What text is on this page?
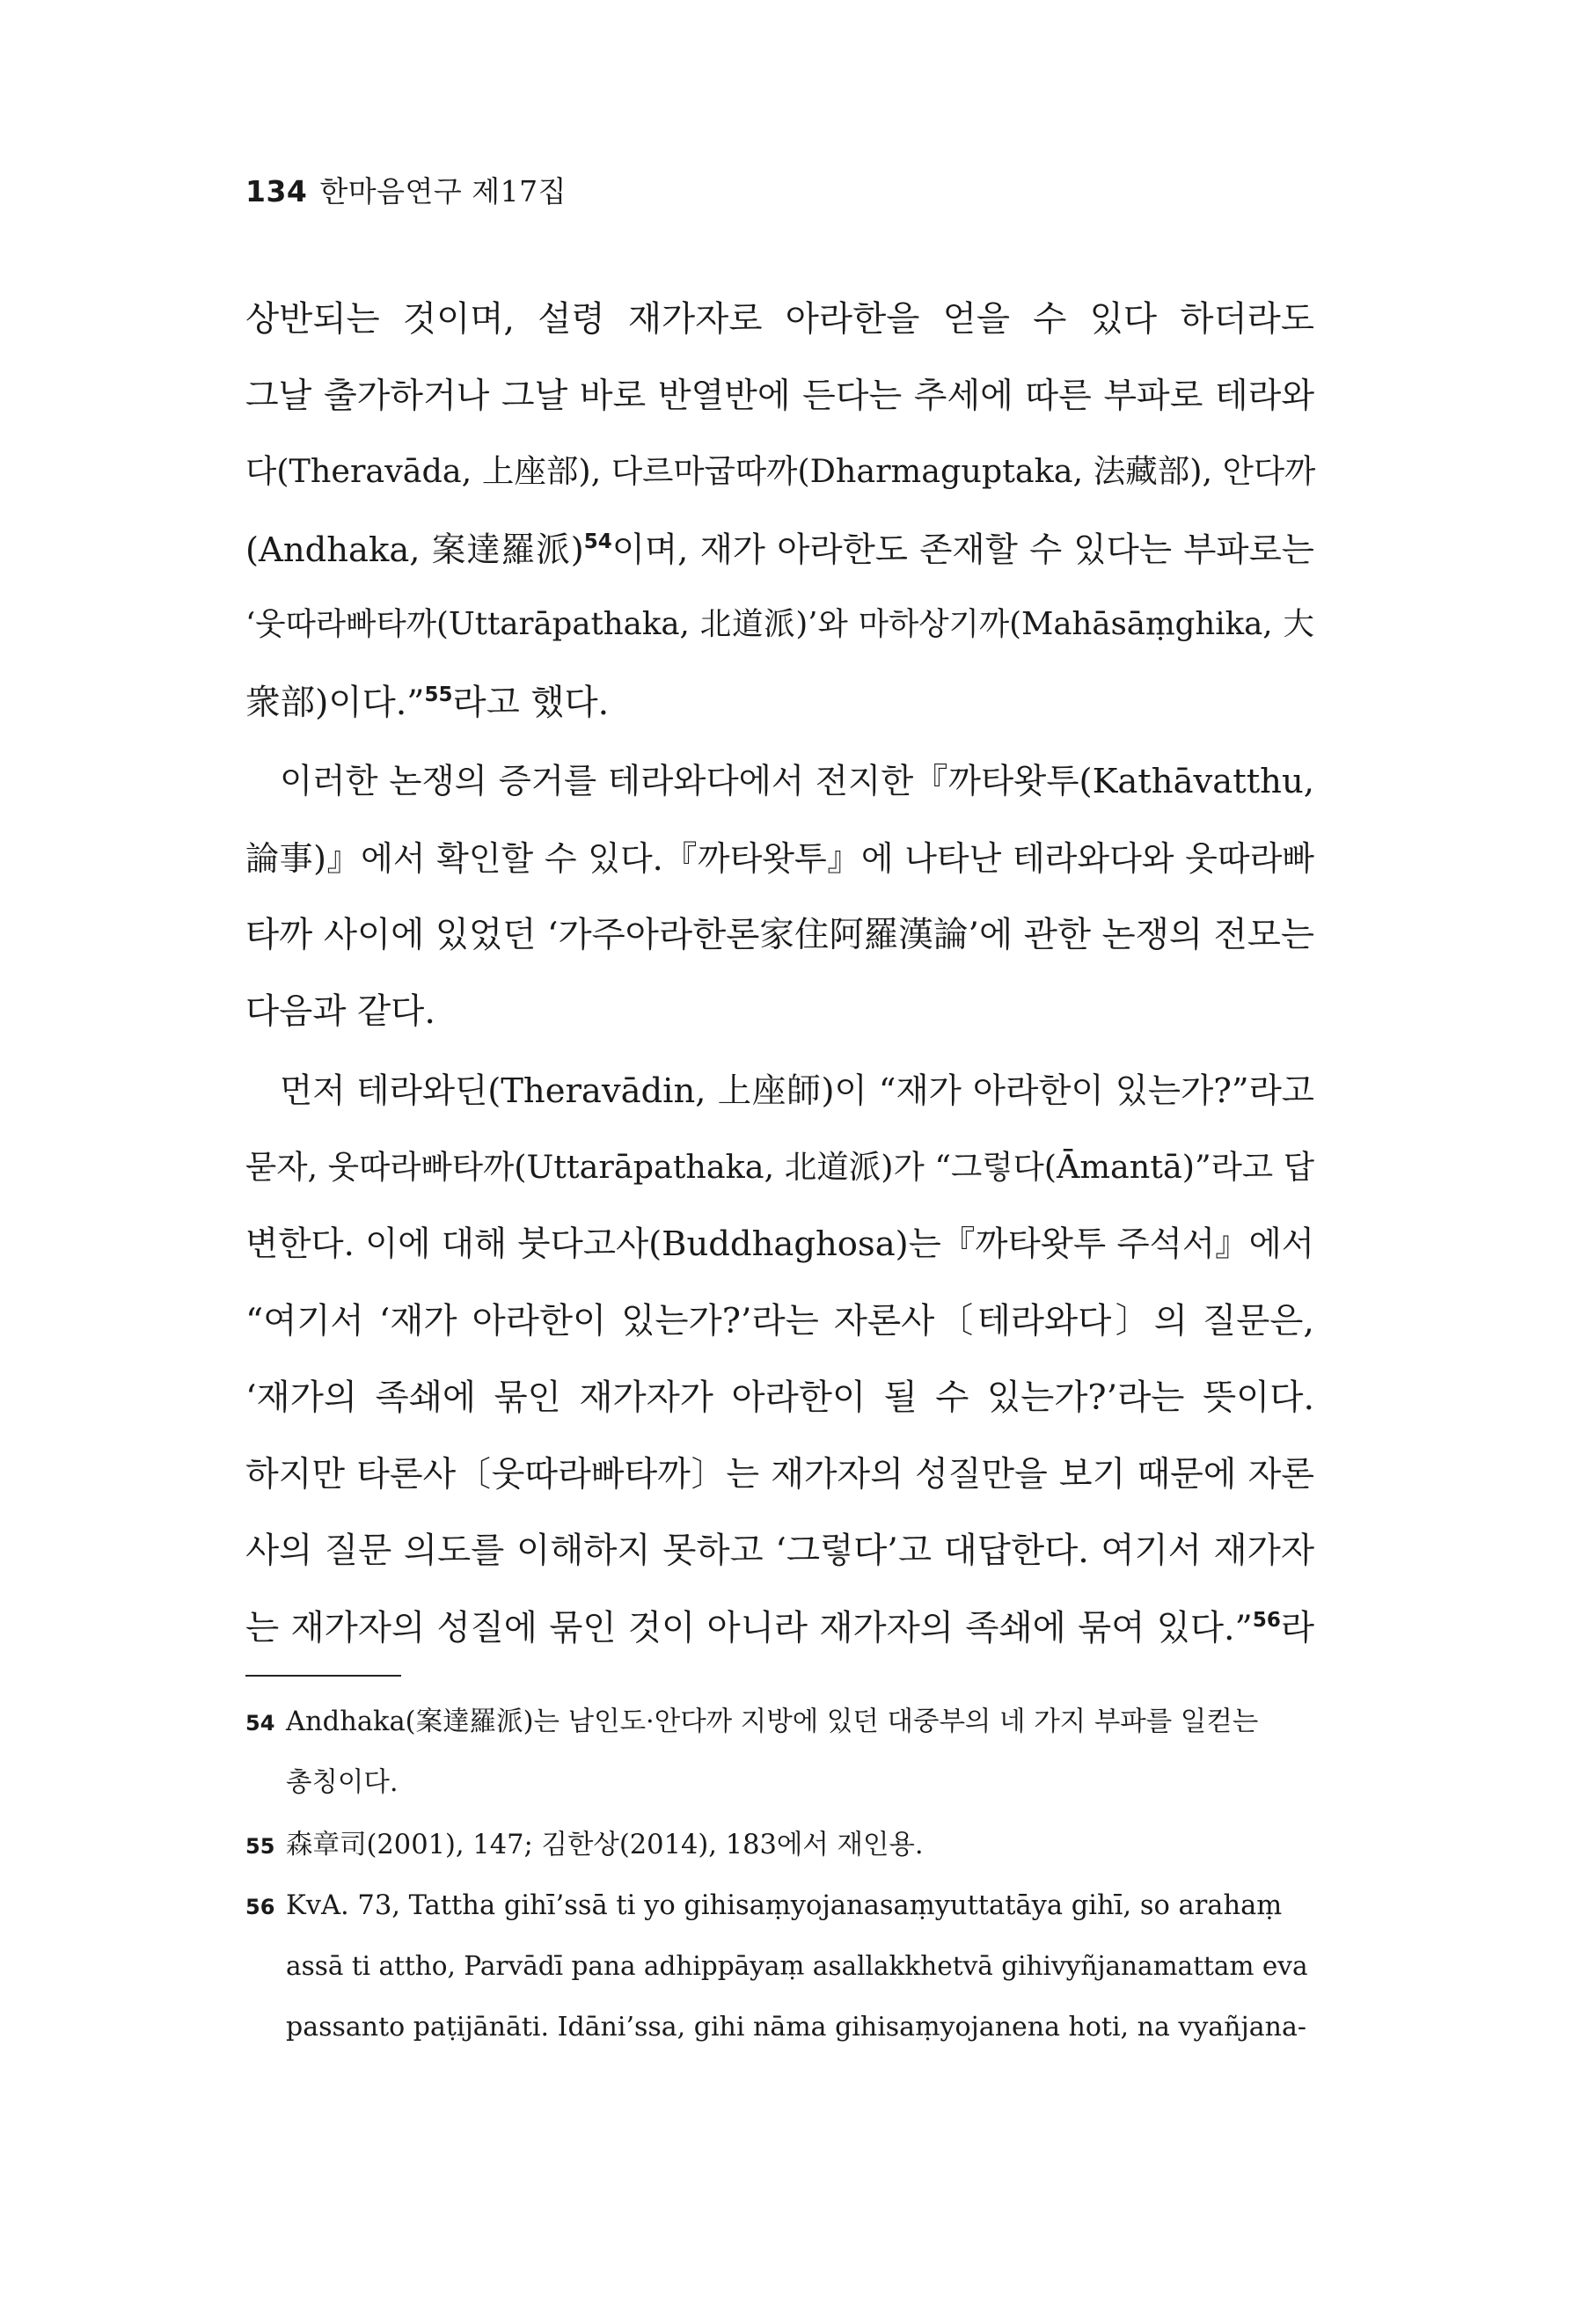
134 한마음연구 제17집
상반되는 것이며, 설령 재가자로 아라한을 얻을 수 있다 하더라도
그날 출가하거나 그날 바로 반열반에 든다는 추세에 따른 부파로 테라와
다(Theravāda, 上座部), 다르마굽따까(Dharmaguptaka, 法藏部), 안다까
(Andhaka, 案達羅派)$^{54}$이며, 재가 아라한도 존재할 수 있다는 부파로는
‘웃따라빠타까(Uttarāpathaka, 北道派)’와 마하상기까(Mahāsāṃghika, 大
衆部)이다.”$^{55}$라고 했다.
이러한 논쟁의 증거를 테라와다에서 전지한『까타왓투(Kathāvatthu,
論事)』에서 확인할 수 있다.『까타왓투』에 나타난 테라와다와 웃따라빠
타까 사이에 있었던 ‘가주아라한론家住阿羅漢論’에 관한 논쟁의 전모는
다음과 같다.
먼저 테라와딘(Theravādin, 上座師)이 “재가 아라한이 있는가?”라고
묻자, 웃따라빠타까(Uttarāpathaka, 北道派)가 “그렇다(Āmantā)”라고 답
변한다. 이에 대해 붓다고사(Buddhaghosa)는『까타왓투 주석서』에서
“여기서 ‘재가 아라한이 있는가?’라는 자론사〔테라와다〕의 질문은,
‘재가의 족쇄에 묶인 재가자가 아라한이 될 수 있는가?’라는 뜻이다.
하지만 타론사〔웃따라빠타까〕는 재가자의 성질만을 보기 때문에 자론
사의 질문 의도를 이해하지 못하고 ‘그렇다’고 대답한다. 여기서 재가자
는 재가자의 성질에 묶인 것이 아니라 재가자의 족쇄에 묶여 있다.”$^{56}$라
54 Andhaka(案達羅派)는 남인도·안다까 지방에 있던 대중부의 네 가지 부파를 일컫는
총칭이다.
55 森章司(2001), 147; 김한상(2014), 183에서 재인용.
56 KvA. 73, Tattha gihī’ssā ti yo gihisaṃyojanasaṃyuttatāya gihī, so arahaṃ
assā ti attho, Parvādī pana adhippāyaṃ asallakkhetvā gihivyñjanamattam eva
passanto paṭijānāti. Idāni’ssa, gihi nāma gihisaṃyojanena hoti, na vyañjana-
